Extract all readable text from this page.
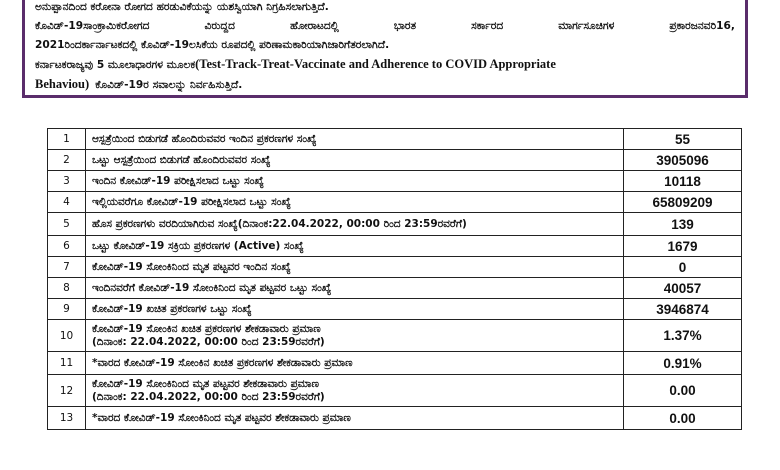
ಅನುಪ್ಪಾನದಿಂದ ಕರೋನಾ ರೋಗದ ಹರಡುವಿಕೆಯನ್ನು ಯಶಸ್ವಿಯಾಗಿ ನಿಗ್ರಹಿಸಲಾಗುತ್ತಿದೆ.
ಕೊವಿಡ್-19ಸಾಂಕ್ರಾಮಿಕರೋಗದ	ವಿರುದ್ದದ	ಹೋರಾಟದಲ್ಲಿ	ಭಾರತ	ಸರ್ಕಾರದ	ಮಾರ್ಗಸೂಚಿಗಳ	ಪ್ರಕಾರಜನವರಿ16,
2021ರಿಂದರ್ಕಾರ್ನಾಟಕದಲ್ಲಿ ಕೊವಿಡ್-19ಲಸಿಕೆಯ ರೂಪದಲ್ಲಿ ಪರಿಣಾಮಕಾರಿಯಾಗಿಜಾರಿಗೆತರಲಾಗಿದೆ.
ಕರ್ನಾಟಕರಾಜ್ಯವು 5 ಮೂಲಾಧಾರಗಳ ಮೂಲಕ(Test-Track-Treat-Vaccinate and Adherence to COVID Appropriate
Behaviou) ಕೊವಿಡ್-19ರ ಸವಾಲನ್ನು ನಿರ್ವಹಿಸುತ್ತಿದೆ.
1	ಆಸ್ಪತ್ರೆಯಿಂದ ಬಿಡುಗಡೆ ಹೊಂದಿರುವವರ ಇಂದಿನ ಪ್ರಕರಣಗಳ ಸಂಖ್ಯೆ	55
2	ಒಟ್ಟು ಆಸ್ಪತ್ರೆಯಿಂದ ಬಿಡುಗಡೆ ಹೊಂದಿರುವವರ ಸಂಖ್ಯೆ	3905096
3	ಇಂದಿನ ಕೋವಿಡ್-19 ಪರೀಕ್ಷಿಸಲಾದ ಒಟ್ಟು ಸಂಖ್ಯೆ	10118
4	ಇಲ್ಲಿಯವರೆಗೂ ಕೋವಿಡ್-19 ಪರೀಕ್ಷಿಸಲಾದ ಒಟ್ಟು ಸಂಖ್ಯೆ	65809209
5	ಹೊಸ ಪ್ರಕರಣಗಳು ವರದಿಯಾಗಿರುವ ಸಂಖ್ಯೆ(ದಿನಾಂಕ:22.04.2022, 00:00 ರಿಂದ 23:59ರವರೆಗೆ)	139
6	ಒಟ್ಟು ಕೋವಿಡ್-19 ಸಕ್ರಿಯ ಪ್ರಕರಣಗಳ (Active) ಸಂಖ್ಯೆ	1679
7	ಕೋವಿಡ್-19 ಸೋಂಕಿನಿಂದ ಮೃತ ಪಟ್ಟವರ ಇಂದಿನ ಸಂಖ್ಯೆ	0
8	ಇಂದಿನವರೆಗೆ ಕೋವಿಡ್-19 ಸೋಂಕಿನಿಂದ ಮೃತ ಪಟ್ಟವರ ಒಟ್ಟು ಸಂಖ್ಯೆ	40057
9	ಕೋವಿಡ್-19 ಖಚಿತ ಪ್ರಕರಣಗಳ ಒಟ್ಟು ಸಂಖ್ಯೆ	3946874
10	ಕೋವಿಡ್-19 ಸೋಂಕಿನ ಖಚಿತ ಪ್ರಕರಣಗಳ ಶೇಕಡಾವಾರು ಪ್ರಮಾಣ
(ದಿನಾಂಕ: 22.04.2022, 00:00 ರಿಂದ 23:59ರವರೆಗೆ)	1.37%
11	*ವಾರದ ಕೋವಿಡ್-19 ಸೋಂಕಿನ ಖಚಿತ ಪ್ರಕರಣಗಳ ಶೇಕಡಾವಾರು ಪ್ರಮಾಣ	0.91%
12	ಕೋವಿಡ್-19 ಸೋಂಕಿನಿಂದ ಮೃತ ಪಟ್ಟವರ ಶೇಕಡಾವಾರು ಪ್ರಮಾಣ
(ದಿನಾಂಕ: 22.04.2022, 00:00 ರಿಂದ 23:59ರವರೆಗೆ)	0.00
13	*ವಾರದ ಕೋವಿಡ್-19 ಸೋಂಕಿನಿಂದ ಮೃತ ಪಟ್ಟವರ ಶೇಕಡಾವಾರು ಪ್ರಮಾಣ	0.00
